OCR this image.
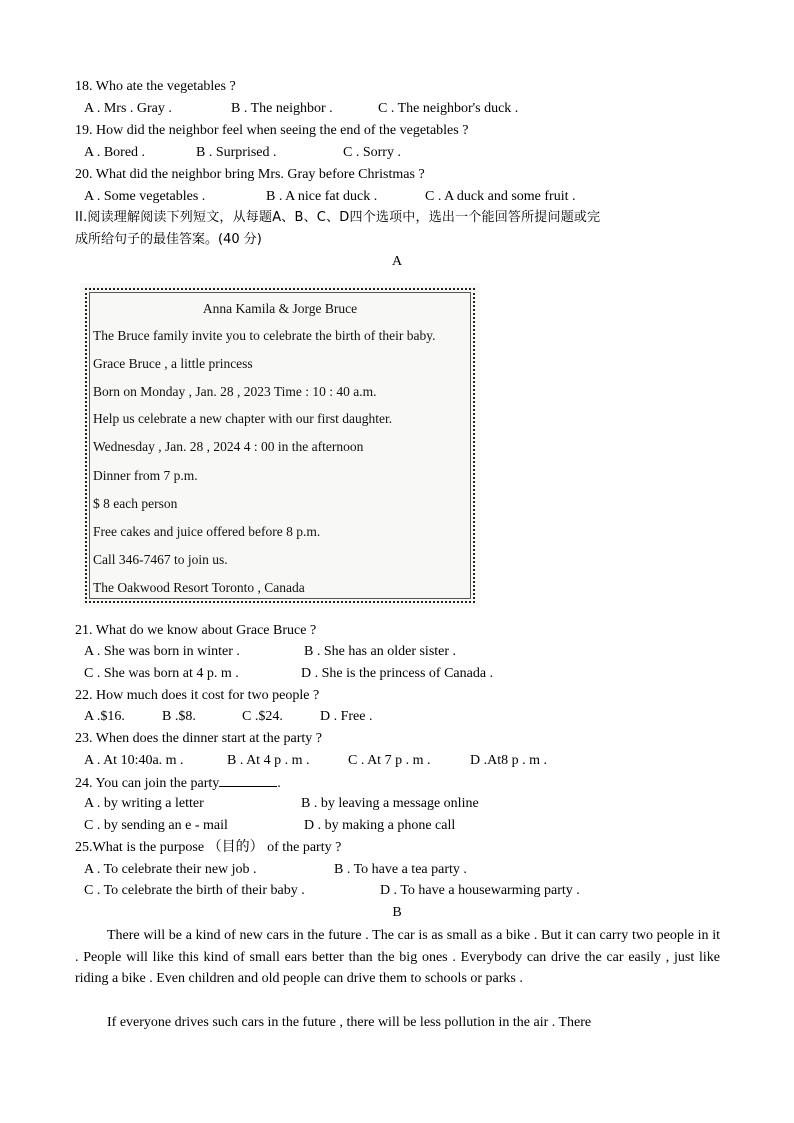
18. Who ate the vegetables ?
A . Mrs . Gray .	B . The neighbor .	C . The neighbor's duck .
19. How did the neighbor feel when seeing the end of the vegetables ?
A . Bored .	B . Surprised .	C . Sorry .
20. What did the neighbor bring Mrs. Gray before Christmas ?
A . Some vegetables .	B . A nice fat duck .	C . A duck and some fruit .
II.阅读理解阅读下列短文，从每题A、B、C、D四个选项中，选出一个能回答所提问题或完
成所给句子的最佳答案。(40 分)
A
Anna Kamila & Jorge Bruce
The Bruce family invite you to celebrate the birth of their baby.
Grace Bruce , a little princess
Born on Monday , Jan. 28 , 2023 Time : 10 : 40 a.m.
Help us celebrate a new chapter with our first daughter.
Wednesday , Jan. 28 , 2024 4 : 00 in the afternoon
Dinner from 7 p.m.
$ 8 each person
Free cakes and juice offered before 8 p.m.
Call 346-7467 to join us.
The Oakwood Resort Toronto , Canada
21. What do we know about Grace Bruce ?
A . She was born in winter .	B . She has an older sister .
C . She was born at 4 p. m .	D . She is the princess of Canada .
22. How much does it cost for two people ?
A .$16.	B .$8.	C .$24.	D . Free .
23. When does the dinner start at the party ?
A . At 10:40a. m .	B . At 4 p . m .	C . At 7 p . m .	D .At8 p . m .
24. You can join the party	.
A . by writing a letter	B . by leaving a message online
C . by sending an e - mail	D . by making a phone call
25.What is the purpose （目的） of the party ?
A . To celebrate their new job .	B . To have a tea party .
C . To celebrate the birth of their baby .	D . To have a housewarming party .
B
There will be a kind of new cars in the future . The car is as small as a bike . But it can carry two people in it . People will like this kind of small ears better than the big ones . Everybody can drive the car easily , just like riding a bike . Even children and old people can drive them to schools or parks .
If everyone drives such cars in the future , there will be less pollution in the air . There
